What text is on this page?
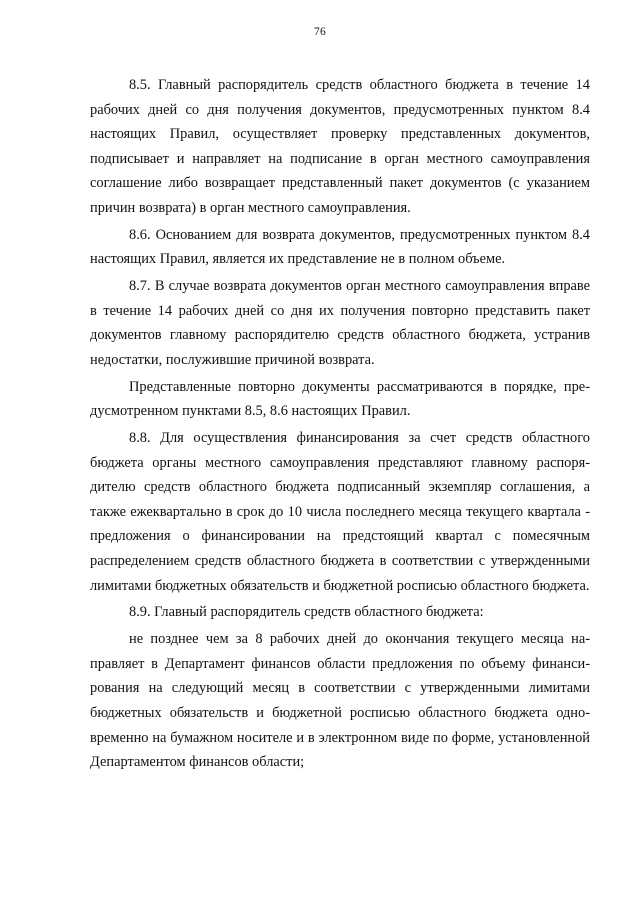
76

8.5. Главный распорядитель средств областного бюджета в течение 14 рабочих дней со дня получения документов, предусмотренных пунктом 8.4 настоящих Правил, осуществляет проверку представленных документов, подписывает и направляет на подписание в орган местного самоуправления соглашение либо возвращает представленный пакет документов (с указанием причин возврата) в орган местного самоуправления.

8.6. Основанием для возврата документов, предусмотренных пунктом 8.4 настоящих Правил, является их представление не в полном объеме.

8.7. В случае возврата документов орган местного самоуправления вправе в течение 14 рабочих дней со дня их получения повторно представить пакет документов главному распорядителю средств областного бюджета, устранив недостатки, послужившие причиной возврата.

Представленные повторно документы рассматриваются в порядке, предусмотренном пунктами 8.5, 8.6 настоящих Правил.

8.8. Для осуществления финансирования за счет средств областного бюджета органы местного самоуправления представляют главному распорядителю средств областного бюджета подписанный экземпляр соглашения, а также ежеквартально в срок до 10 числа последнего месяца текущего квартала - предложения о финансировании на предстоящий квартал с помесячным распределением средств областного бюджета в соответствии с утвержденными лимитами бюджетных обязательств и бюджетной росписью областного бюджета.

8.9. Главный распорядитель средств областного бюджета:

не позднее чем за 8 рабочих дней до окончания текущего месяца направляет в Департамент финансов области предложения по объему финансирования на следующий месяц в соответствии с утвержденными лимитами бюджетных обязательств и бюджетной росписью областного бюджета одновременно на бумажном носителе и в электронном виде по форме, установленной Департаментом финансов области;
